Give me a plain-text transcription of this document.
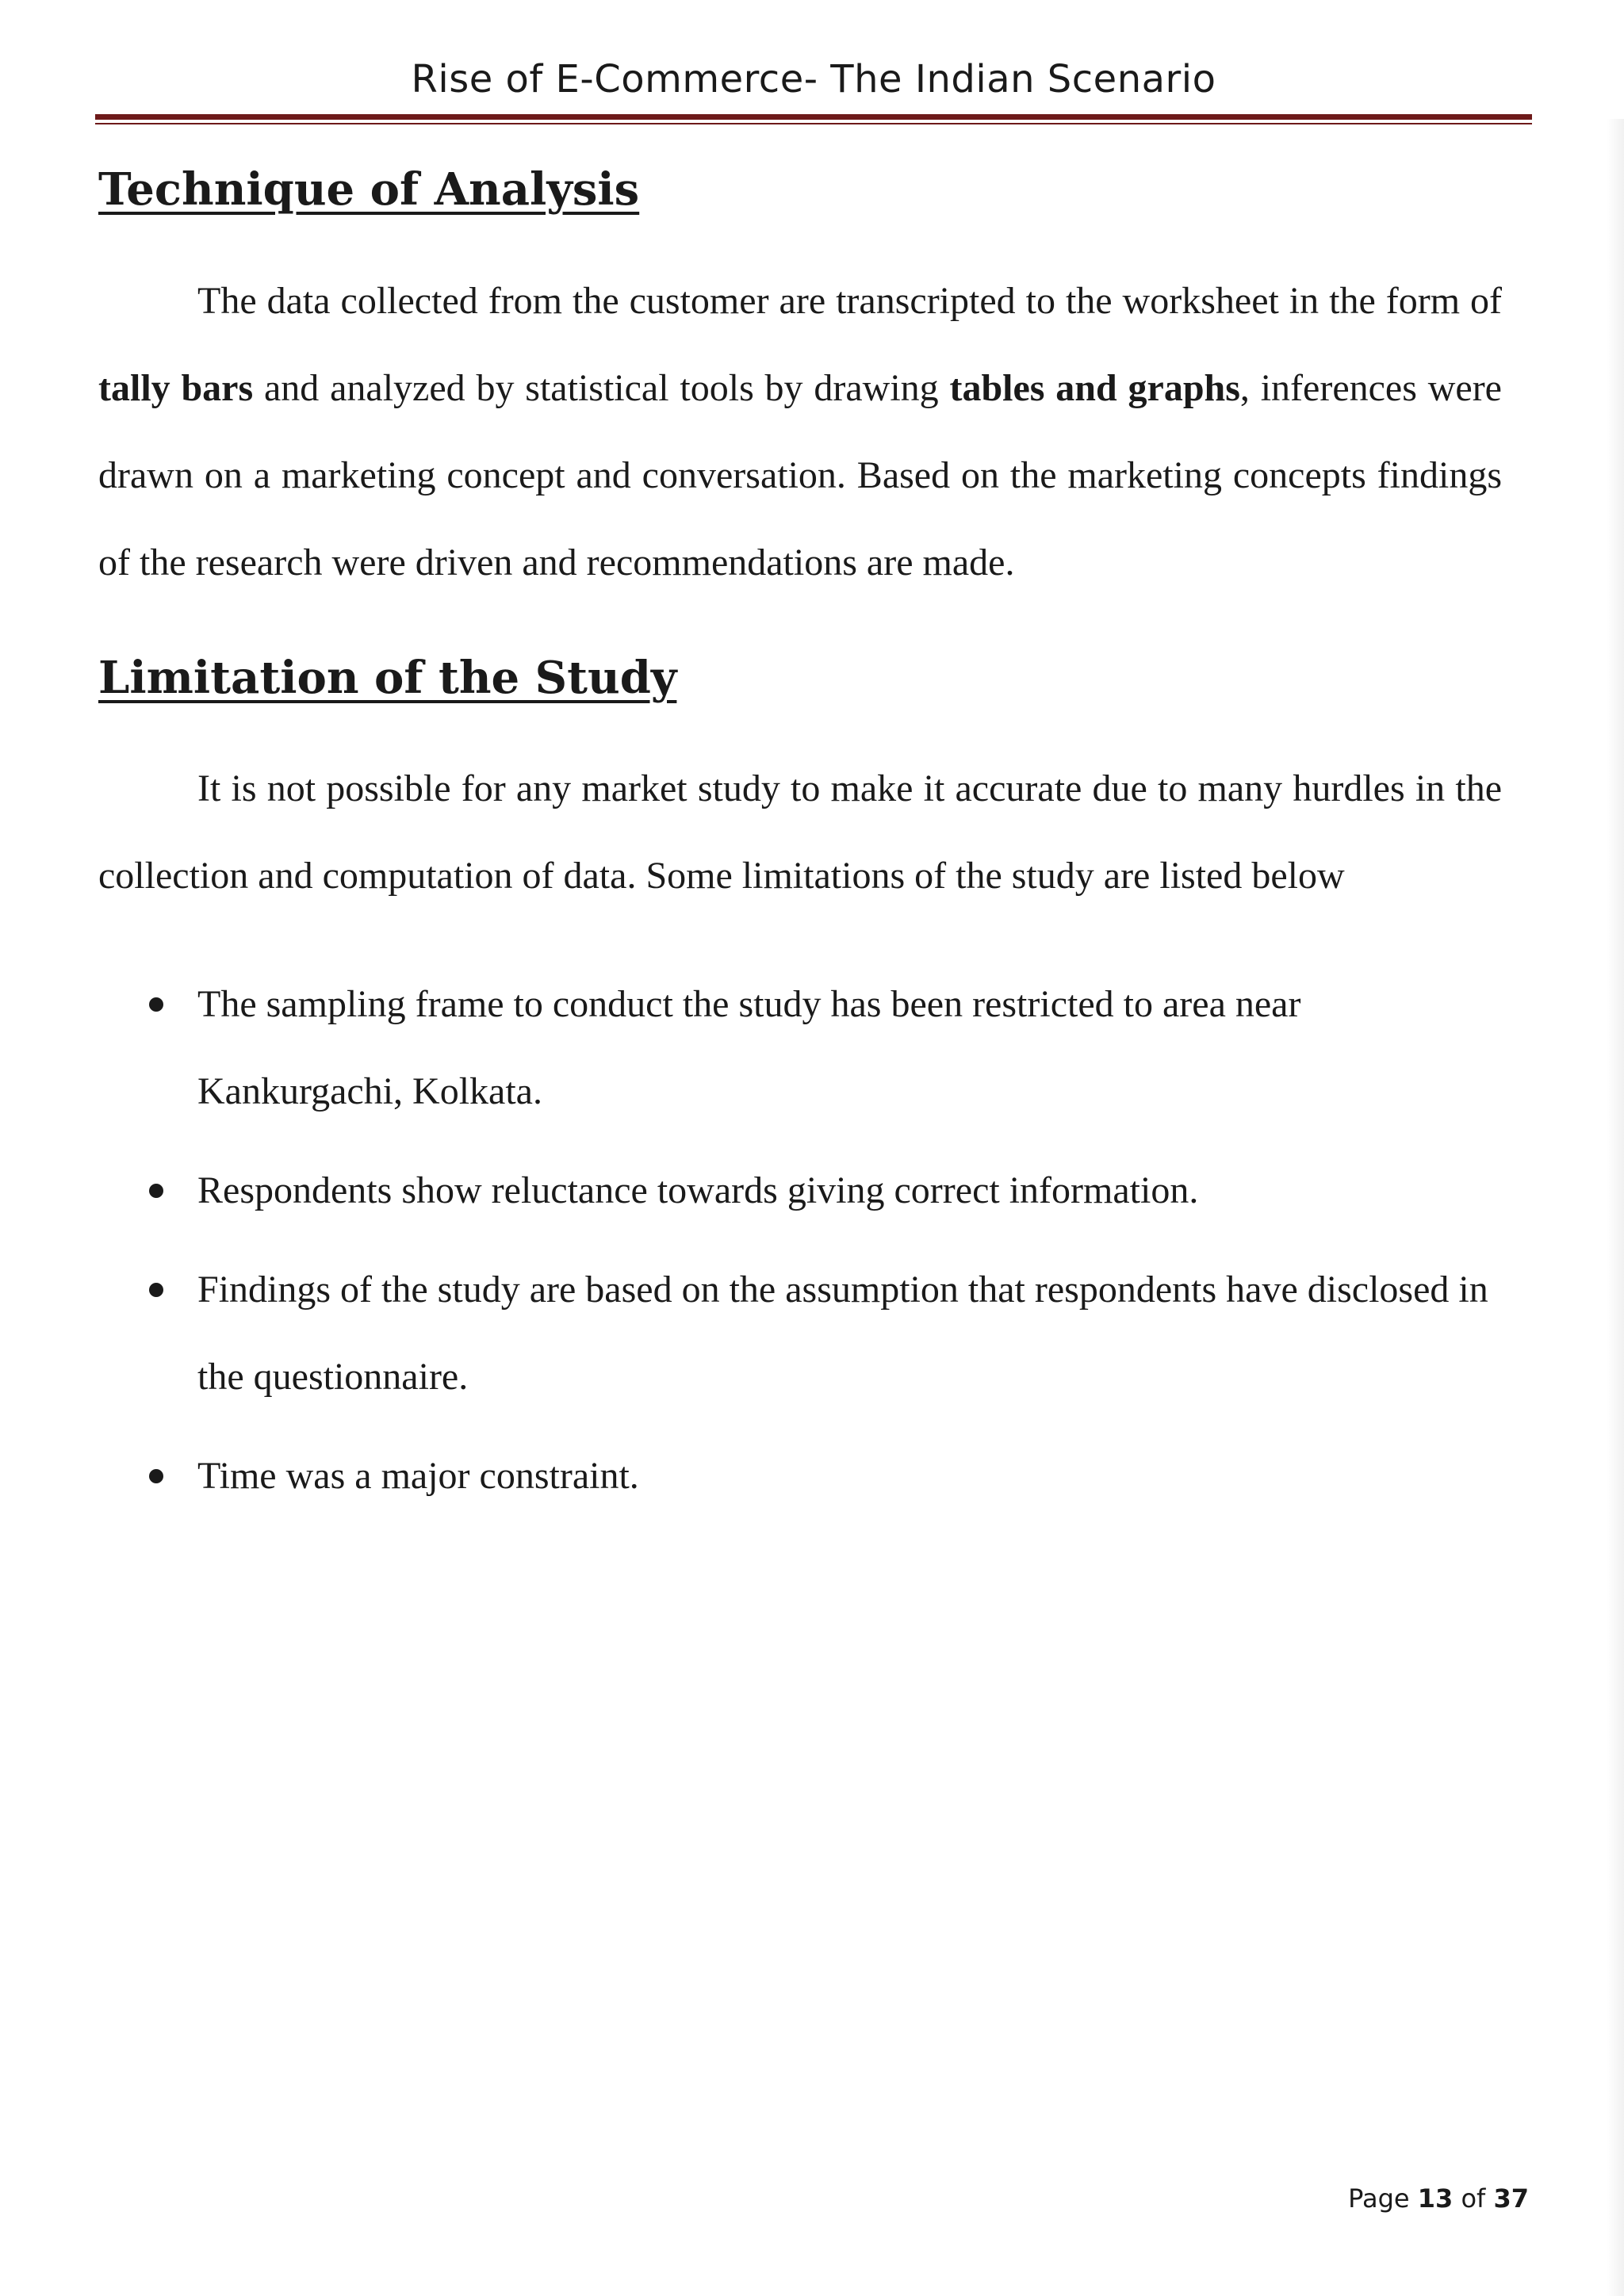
Rise of E-Commerce- The Indian Scenario
Technique of Analysis

The data collected from the customer are transcripted to the worksheet in the form of tally bars and analyzed by statistical tools by drawing tables and graphs, inferences were drawn on a marketing concept and conversation. Based on the marketing concepts findings of the research were driven and recommendations are made.

Limitation of the Study

It is not possible for any market study to make it accurate due to many hurdles in the collection and computation of data. Some limitations of the study are listed below

The sampling frame to conduct the study has been restricted to area near Kankurgachi, Kolkata.
Respondents show reluctance towards giving correct information.
Findings of the study are based on the assumption that respondents have disclosed in the questionnaire.
Time was a major constraint.
Page 13 of 37
